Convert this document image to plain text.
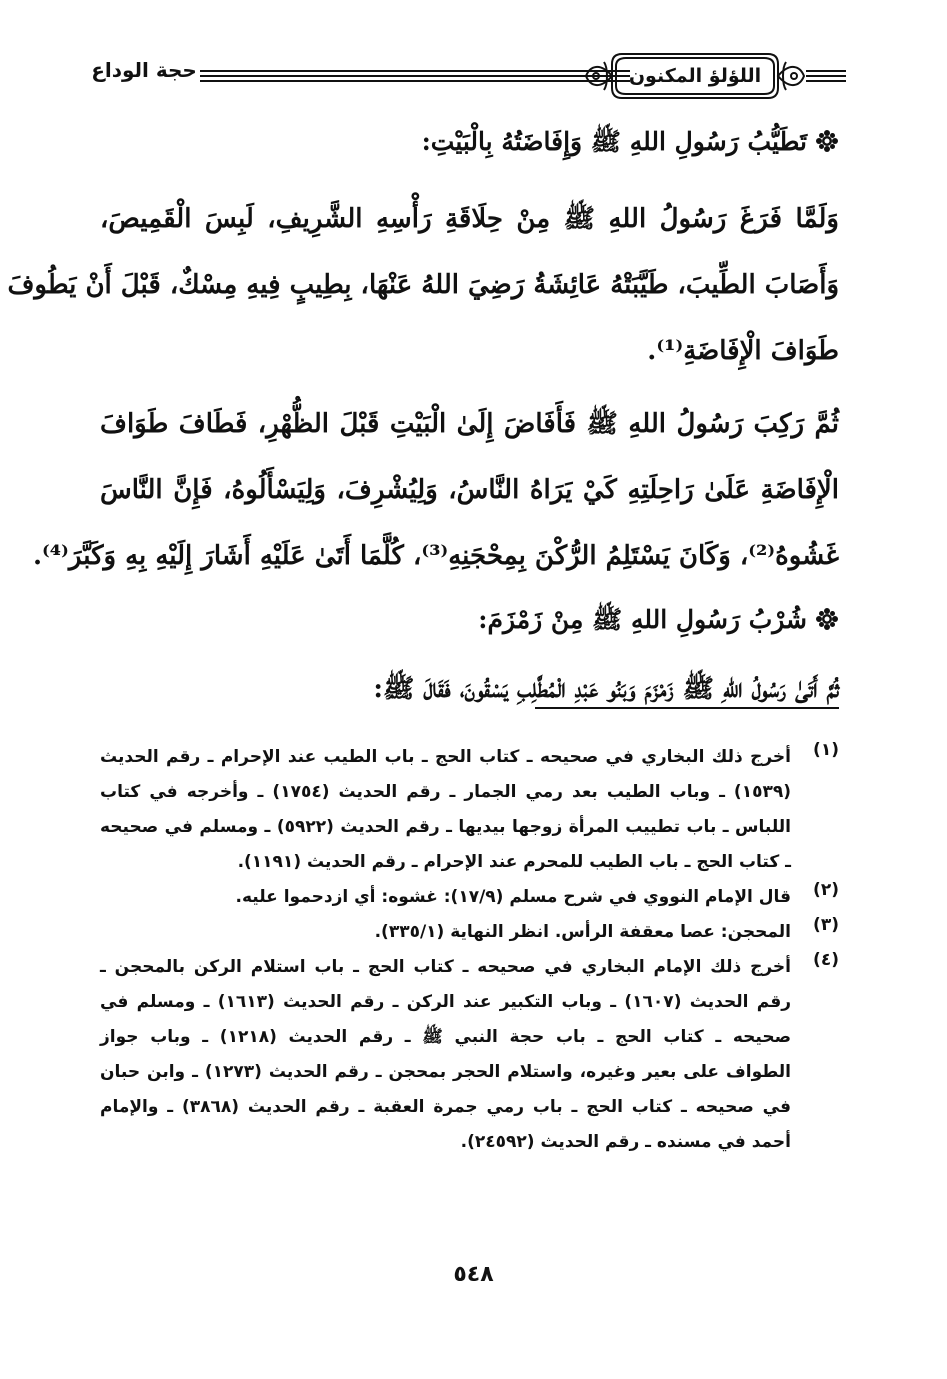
حجة الوداع	اللؤلؤ المكنون
تَطَيُّبُ رَسُولِ اللهِ ﷺ وَإِفَاضَتُهُ بِالْبَيْتِ:
وَلَمَّا فَرَغَ رَسُولُ اللهِ ﷺ مِنْ حِلَاقَةِ رَأْسِهِ الشَّرِيفِ، لَبِسَ الْقَمِيصَ،
وَأَصَابَ الطِّيبَ، طَيَّبَتْهُ عَائِشَةُ رَضِيَ اللهُ عَنْهَا، بِطِيبٍ فِيهِ مِسْكٌ، قَبْلَ أَنْ يَطُوفَ
طَوَافَ الْإِفَاضَةِ⁽¹⁾.
ثُمَّ رَكِبَ رَسُولُ اللهِ ﷺ فَأَفَاضَ إِلَىٰ الْبَيْتِ قَبْلَ الظُّهْرِ، فَطَافَ طَوَافَ
الْإِفَاضَةِ عَلَىٰ رَاحِلَتِهِ كَيْ يَرَاهُ النَّاسُ، وَلِيُشْرِفَ، وَلِيَسْأَلُوهُ، فَإِنَّ النَّاسَ
غَشُوهُ⁽²⁾، وَكَانَ يَسْتَلِمُ الرُّكْنَ بِمِحْجَنِهِ⁽³⁾، كُلَّمَا أَتَىٰ عَلَيْهِ أَشَارَ إِلَيْهِ بِهِ وَكَبَّرَ⁽⁴⁾.
شُرْبُ رَسُولِ اللهِ ﷺ مِنْ زَمْزَمَ:
ثُمَّ أَتَىٰ رَسُولُ اللهِ ﷺ زَمْزَمَ وَبَنُو عَبْدِ الْمُطَّلِبِ يَسْقُونَ، فَقَالَ ﷺ:
(١)
أخرج ذلك البخاري في صحيحه ـ كتاب الحج ـ باب الطيب عند الإحرام ـ رقم الحديث
(١٥٣٩) ـ وباب الطيب بعد رمي الجمار ـ رقم الحديث (١٧٥٤) ـ وأخرجه في كتاب
اللباس ـ باب تطييب المرأة زوجها بيديها ـ رقم الحديث (٥٩٢٢) ـ ومسلم في صحيحه
ـ كتاب الحج ـ باب الطيب للمحرم عند الإحرام ـ رقم الحديث (١١٩١).
(٢)
قال الإمام النووي في شرح مسلم (١٧/٩): غشوه: أي ازدحموا عليه.
(٣)
المحجن: عصا معقفة الرأس. انظر النهاية (٣٣٥/١).
(٤)
أخرج ذلك الإمام البخاري في صحيحه ـ كتاب الحج ـ باب استلام الركن بالمحجن ـ
رقم الحديث (١٦٠٧) ـ وباب التكبير عند الركن ـ رقم الحديث (١٦١٣) ـ ومسلم في
صحيحه ـ كتاب الحج ـ باب حجة النبي ﷺ ـ رقم الحديث (١٢١٨) ـ وباب جواز
الطواف على بعير وغيره، واستلام الحجر بمحجن ـ رقم الحديث (١٢٧٣) ـ وابن حبان
في صحيحه ـ كتاب الحج ـ باب رمي جمرة العقبة ـ رقم الحديث (٣٨٦٨) ـ والإمام
أحمد في مسنده ـ رقم الحديث (٢٤٥٩٢).
٥٤٨
